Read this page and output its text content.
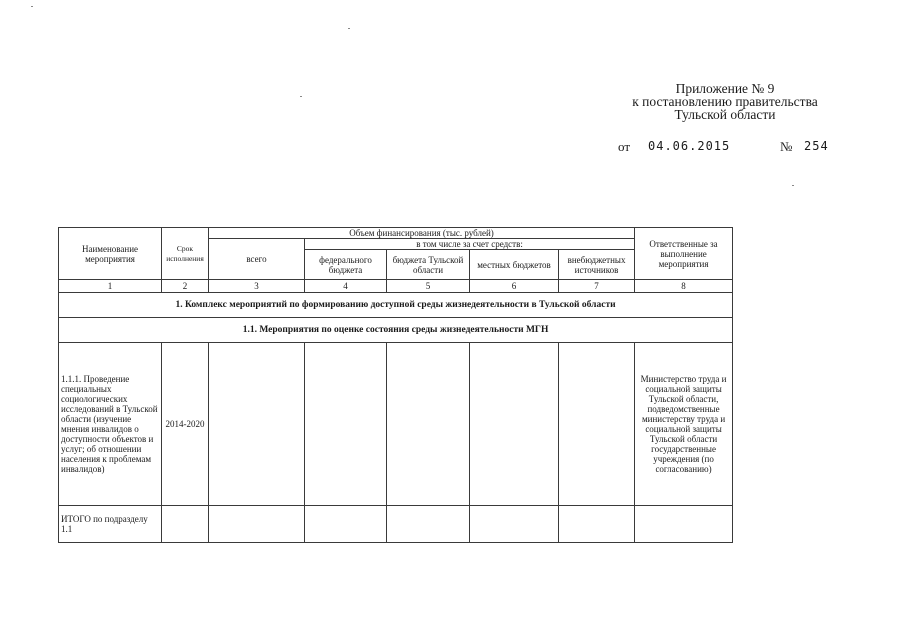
Приложение № 9
к постановлению правительства
Тульской области
от 04.06.2015	№ 254
Наименование мероприятия	Срок исполнения	Объем финансирования (тыс. рублей)					Ответственные за выполнение мероприятия
		всего	в том числе за счет средств:				
			федерального бюджета	бюджета Тульской области	местных бюджетов	внебюджетных источников	
1	2	3	4	5	6	7	8
1. Комплекс мероприятий по формированию доступной среды жизнедеятельности в Тульской области							
1.1. Мероприятия по оценке состояния среды жизнедеятельности МГН							
1.1.1. Проведение специальных социологических исследований в Тульской области (изучение мнения инвалидов о доступности объектов и услуг; об отношении населения к проблемам инвалидов)	2014-2020						Министерство труда и социальной защиты Тульской области, подведомственные министерству труда и социальной защиты Тульской области государственные учреждения (по согласованию)
ИТОГО по подразделу 1.1							
